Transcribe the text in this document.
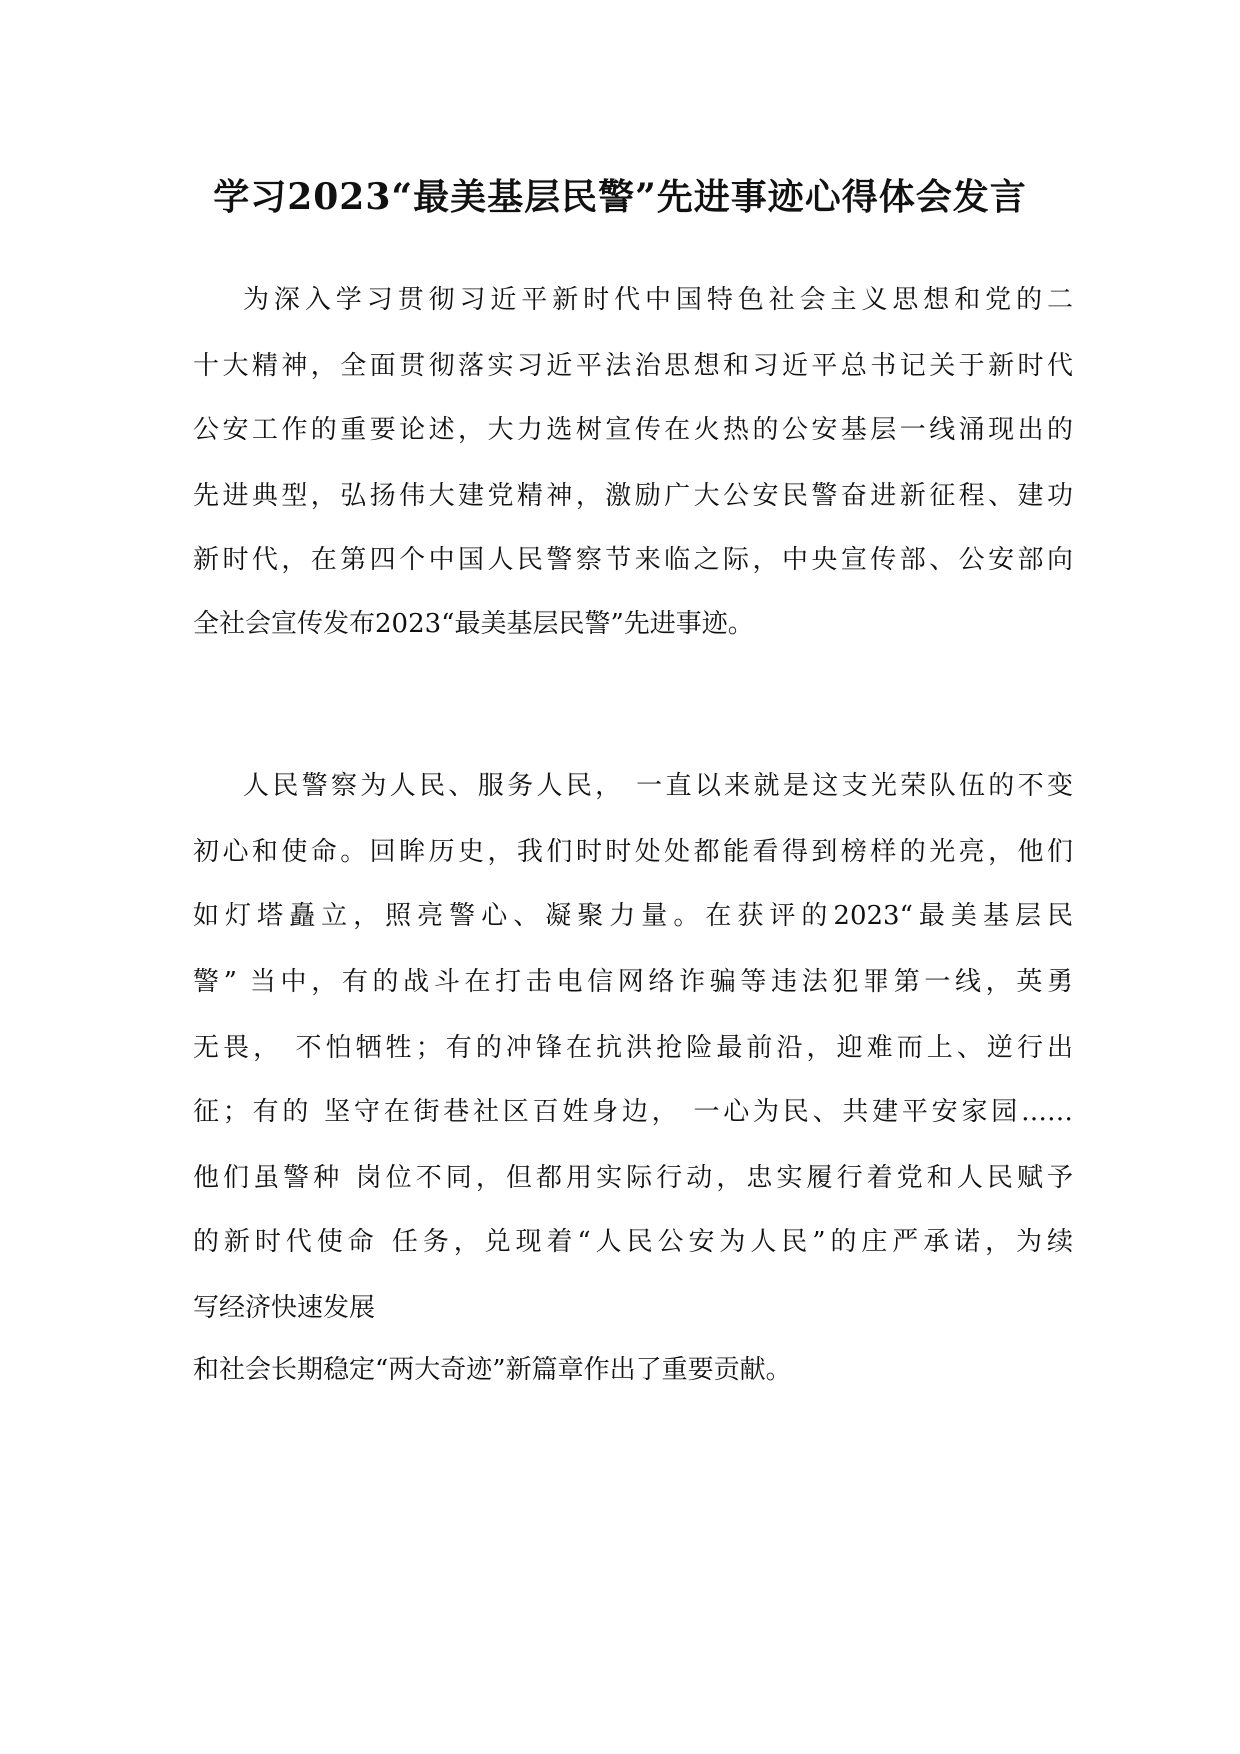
学习2023“最美基层民警”先进事迹心得体会发言
为深入学习贯彻习近平新时代中国特色社会主义思想和党的二
十大精神，全面贯彻落实习近平法治思想和习近平总书记关于新时代
公安工作的重要论述，大力选树宣传在火热的公安基层一线涌现出的
先进典型，弘扬伟大建党精神，激励广大公安民警奋进新征程、建功
新时代，在第四个中国人民警察节来临之际，中央宣传部、公安部向
全社会宣传发布2023“最美基层民警”先进事迹。
人民警察为人民、服务人民， 一直以来就是这支光荣队伍的不变
初心和使命。回眸历史，我们时时处处都能看得到榜样的光亮，他们
如灯塔矗立，照亮警心、凝聚力量。在获评的2023“最美基层民
警” 当中，有的战斗在打击电信网络诈骗等违法犯罪第一线，英勇
无畏， 不怕牺牲；有的冲锋在抗洪抢险最前沿，迎难而上、逆行出
征；有的 坚守在街巷社区百姓身边， 一心为民、共建平安家园……
他们虽警种 岗位不同，但都用实际行动，忠实履行着党和人民赋予
的新时代使命 任务，兑现着“人民公安为人民”的庄严承诺，为续
写经济快速发展
和社会长期稳定“两大奇迹”新篇章作出了重要贡献。
